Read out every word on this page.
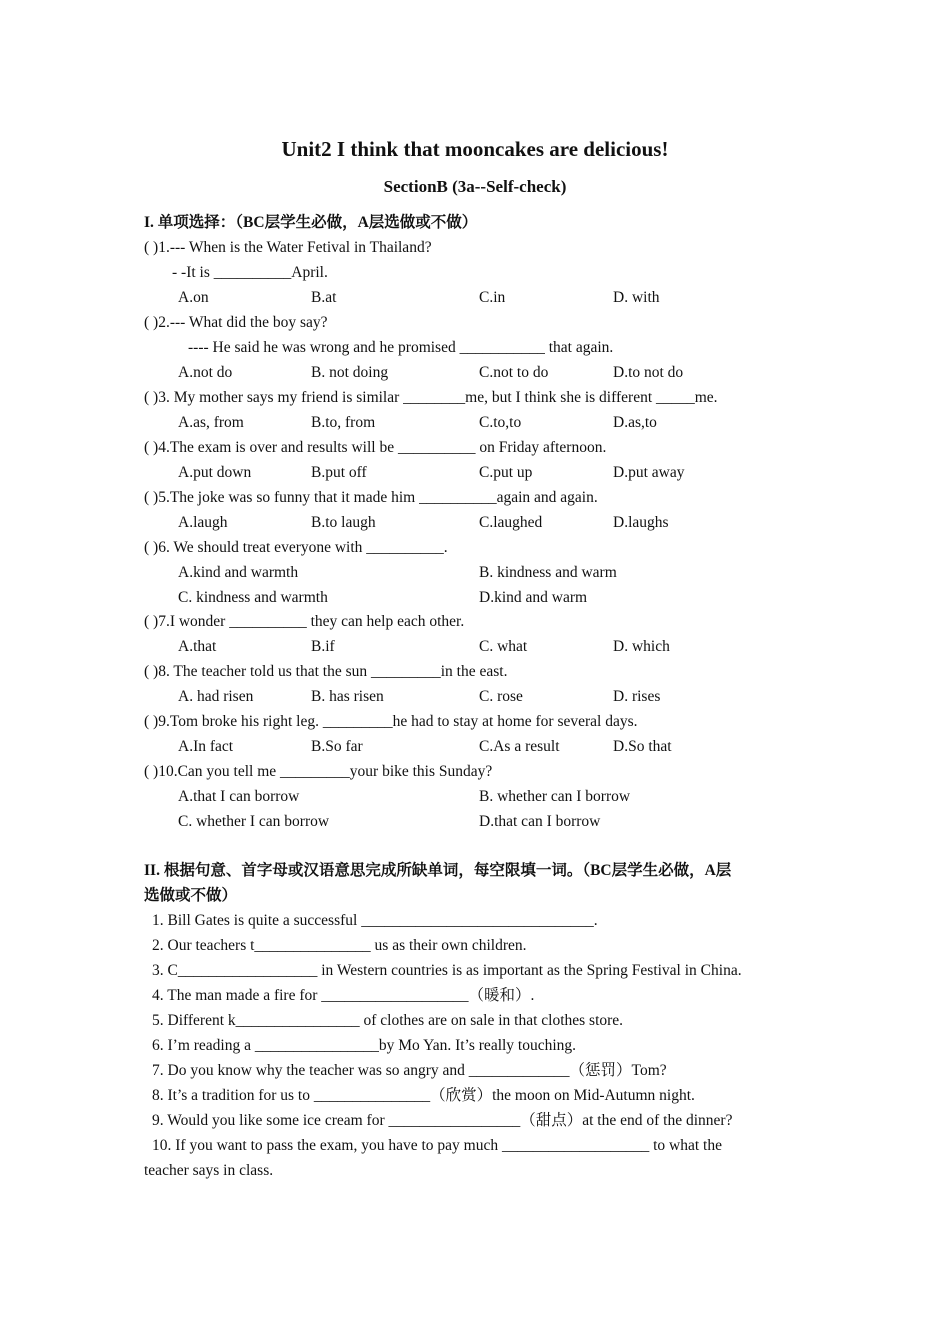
Unit2 I think that mooncakes are delicious!
SectionB (3a--Self-check)
I. 单项选择：（BC层学生必做，A层选做或不做）
( )1.--- When is the Water Fetival in Thailand?
- -It is __________April.
A.on	B.at	C.in	D. with
( )2.--- What did the boy say?
---- He said he was wrong and he promised ___________ that again.
A.not do	B. not doing	C.not to do	D.to not do
( )3. My mother says my friend is similar ________me, but I think she is different _____me.
A.as, from	B.to, from	C.to,to	D.as,to
( )4.The exam is over and results will be __________ on Friday afternoon.
A.put down	B.put off	C.put up	D.put away
( )5.The joke was so funny that it made him __________again and again.
A.laugh	B.to laugh	C.laughed	D.laughs
( )6. We should treat everyone with __________.
A.kind and warmth	B. kindness and warm
C. kindness and warmth	D.kind and warm
( )7.I wonder __________ they can help each other.
A.that	B.if	C. what	D. which
( )8. The teacher told us that the sun _________in the east.
A. had risen	B. has risen	C. rose	D. rises
( )9.Tom broke his right leg. _________he had to stay at home for several days.
A.In fact	B.So far	C.As a result	D.So that
( )10.Can you tell me _________your bike this Sunday?
A.that I can borrow	B. whether can I borrow
C. whether I can borrow	D.that can I borrow
II. 根据句意、首字母或汉语意思完成所缺单词，每空限填一词。（BC层学生必做，A层
选做或不做）
1. Bill Gates is quite a successful ______________________________.
2. Our teachers t_______________ us as their own children.
3. C__________________ in Western countries is as important as the Spring Festival in China.
4. The man made a fire for ___________________（暖和）.
5. Different k________________ of clothes are on sale in that clothes store.
6. I’m reading a ________________by Mo Yan. It’s really touching.
7. Do you know why the teacher was so angry and _____________（惩罚）Tom?
8. It’s a tradition for us to _______________（欣赏）the moon on Mid-Autumn night.
9. Would you like some ice cream for _________________（甜点）at the end of the dinner?
10. If you want to pass the exam, you have to pay much ___________________ to what the
teacher says in class.
